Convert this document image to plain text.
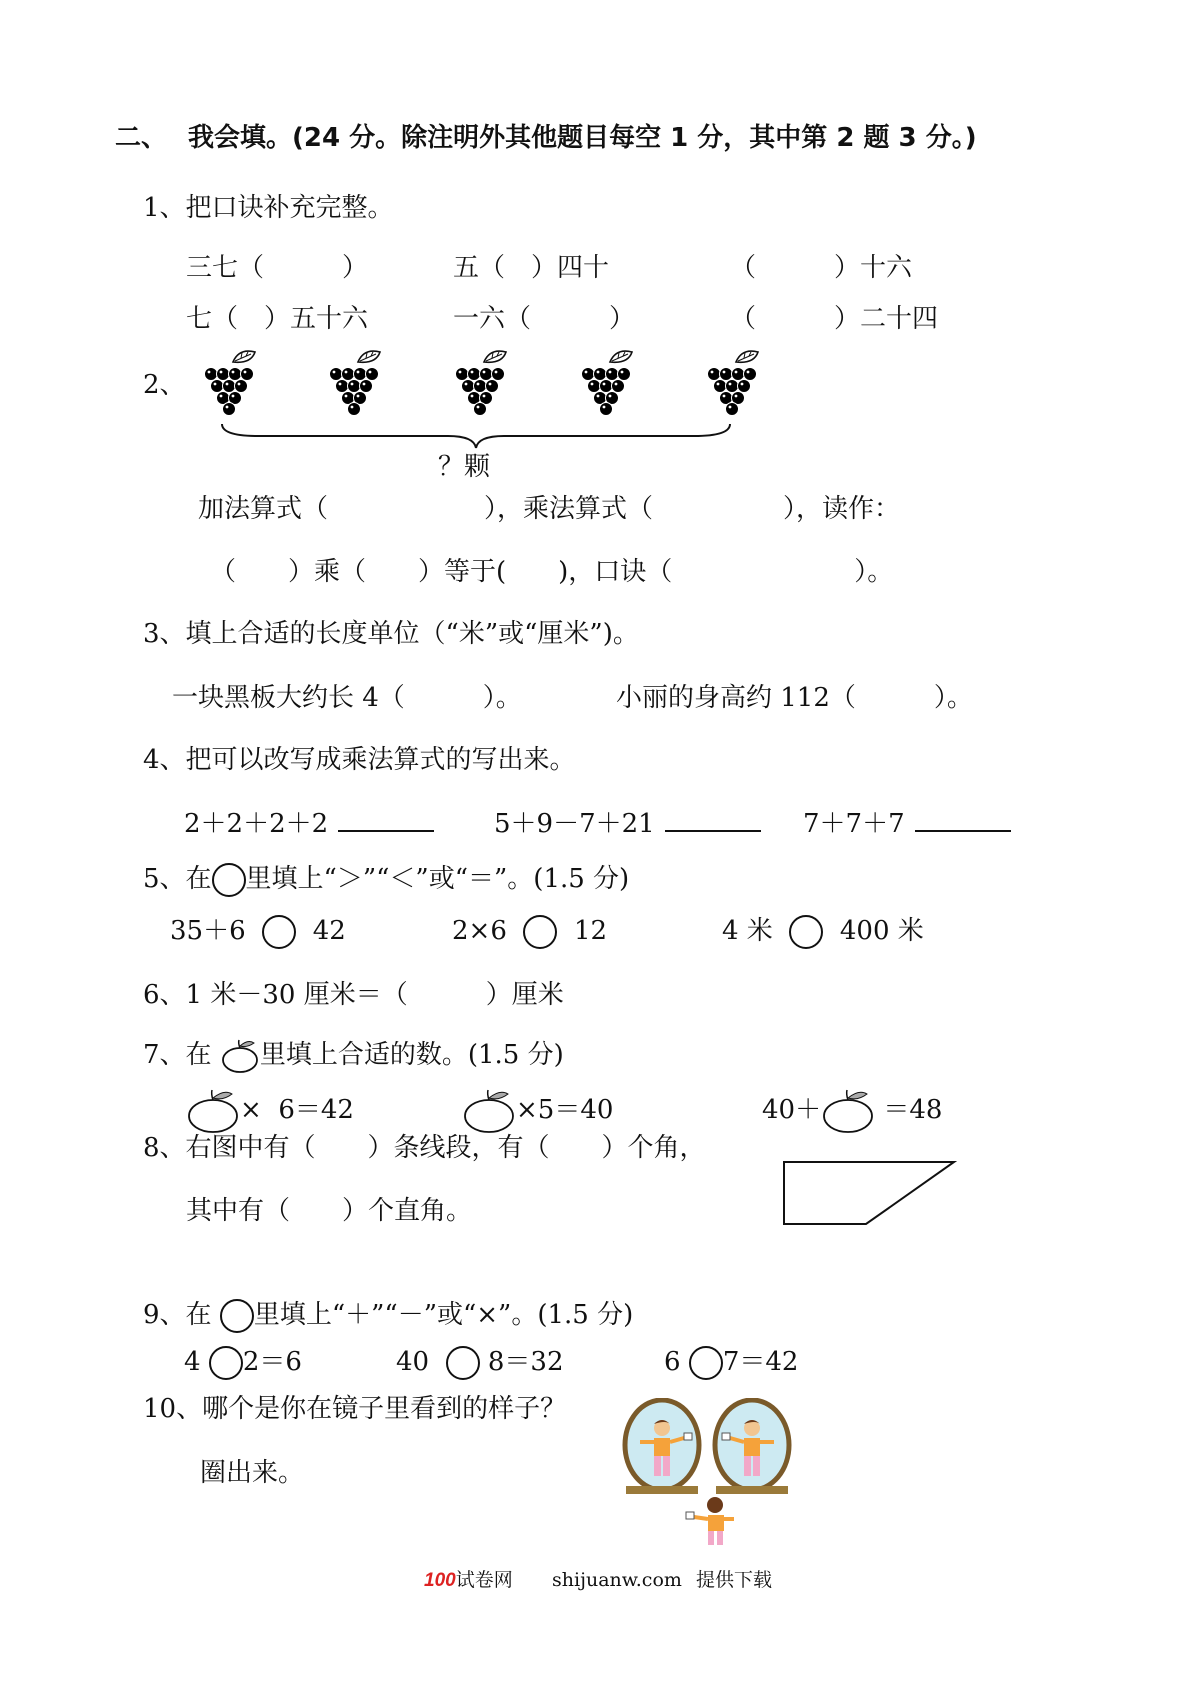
二、 我会填。(24 分。除注明外其他题目每空 1 分，其中第 2 题 3 分。)
1、把口诀补充完整。
三七（　　　）	五（　）四十	（　　　）十六
七（　）五十六	一六（　　　）	（　　　）二十四
2、
？颗
加法算式（　　　　　　），乘法算式（　　　　　），读作：
（　　）乘（　　）等于(　　)，口诀（　　　　　　　）。
3、填上合适的长度单位（“米”或“厘米”)。
一块黑板大约长 4（　　　）。	小丽的身高约 112（　　　）。
4、把可以改写成乘法算式的写出来。
2＋2＋2＋2	5＋9－7＋21	7＋7＋7
5、在 里填上“＞”“＜”或“＝”。(1.5 分)
35＋6	42	2×6	12	4 米	400 米
6、1 米－30 厘米＝（　　　）厘米
7、在 里填上合适的数。(1.5 分)
×  6＝42	×5＝40	40＋ ＝48
8、右图中有（　　）条线段，有（　　）个角，
其中有（　　）个直角。
9、在 里填上“＋”“－”或“×”。(1.5 分)
4 2＝6	40 8＝32	6 7＝42
10、哪个是你在镜子里看到的样子？
圈出来。
100试卷网 shijuanw.com 提供下载
